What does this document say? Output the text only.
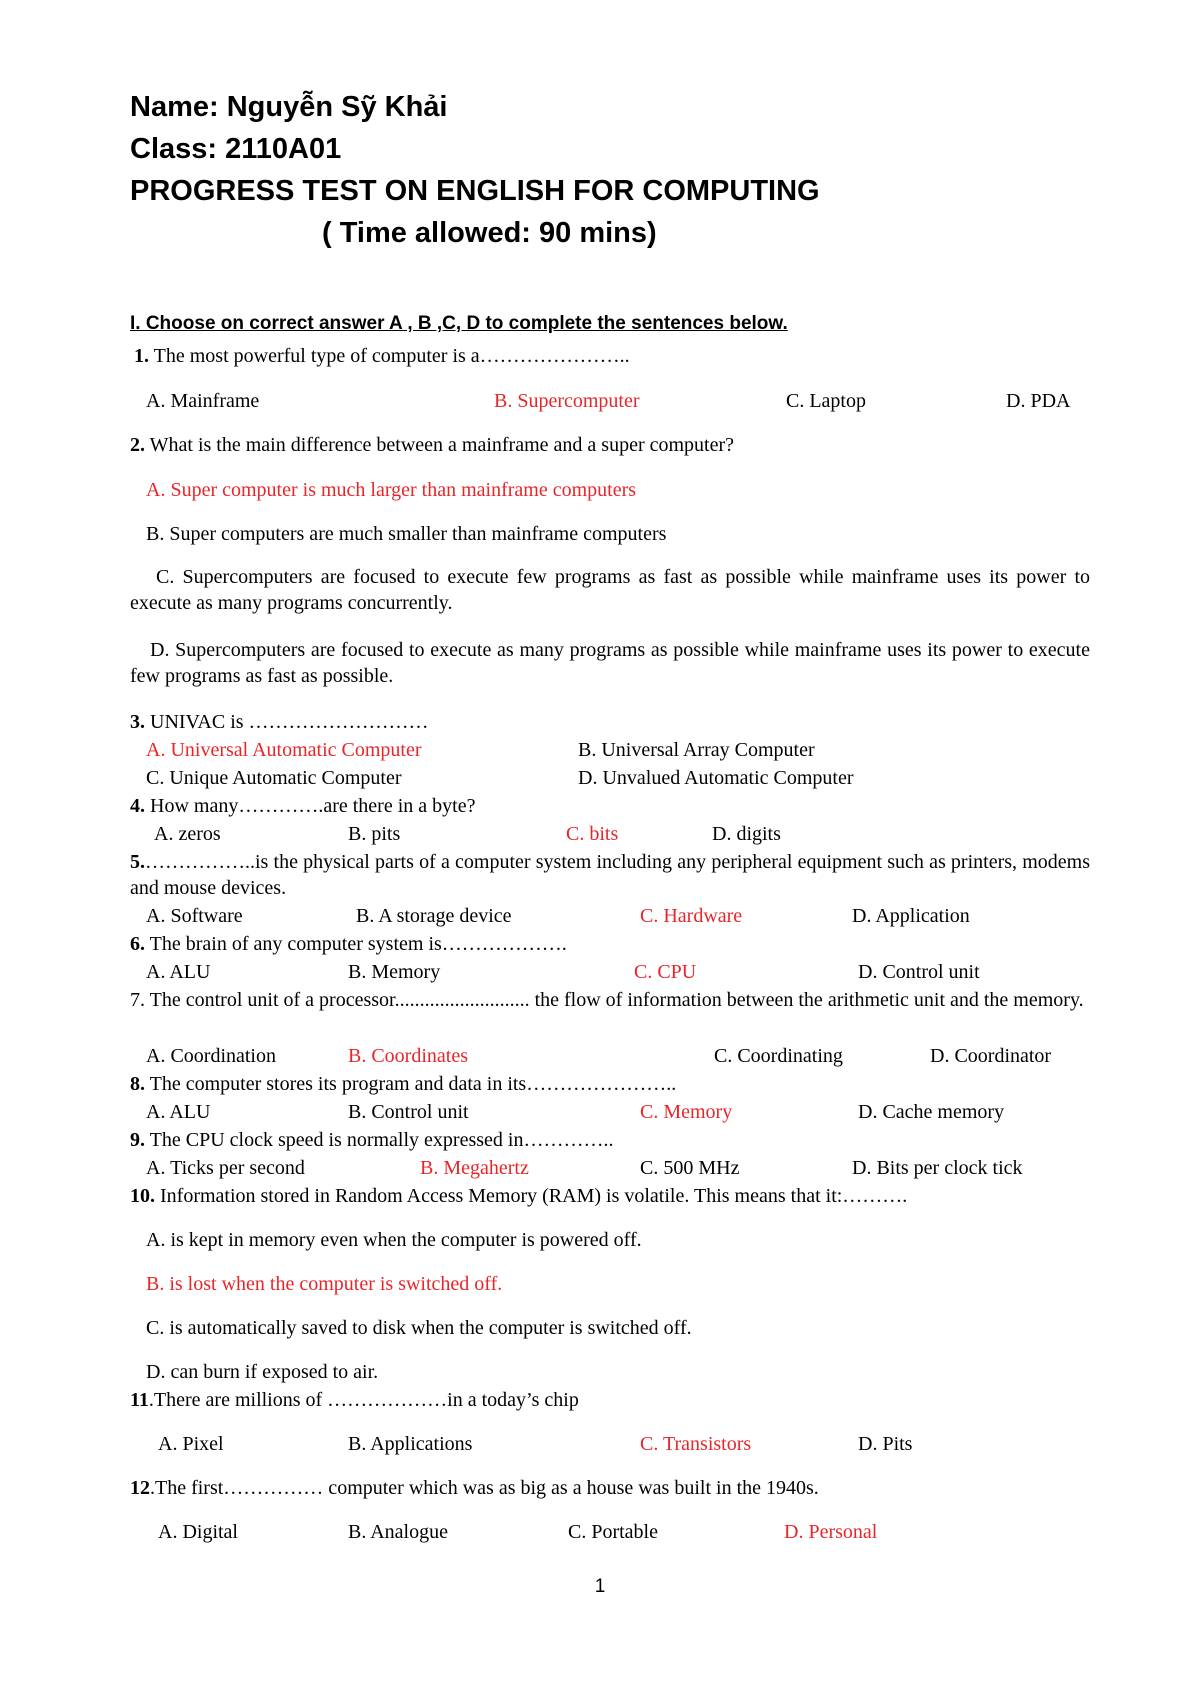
Name: Nguyễn Sỹ Khải
Class: 2110A01
PROGRESS TEST ON ENGLISH FOR COMPUTING
( Time allowed: 90 mins)
I. Choose on correct answer A , B ,C, D to complete the sentences below.
1. The most powerful type of computer is a…………………..
A. Mainframe	B. Supercomputer	C. Laptop	D. PDA
2. What is the main difference between a mainframe and a super computer?
A. Super computer is much larger than mainframe computers
B. Super computers are much smaller than mainframe computers
C. Supercomputers are focused to execute few programs as fast as possible while mainframe uses its power to execute as many programs concurrently.
D. Supercomputers are focused to execute as many programs as possible while mainframe uses its power to execute few programs as fast as possible.
3. UNIVAC is ………………………
A. Universal Automatic Computer	B. Universal Array Computer
C. Unique Automatic Computer	D. Unvalued Automatic Computer
4. How many………….are there in a byte?
A. zeros	B. pits	C. bits	D. digits
5.……………..is the physical parts of a computer system including any peripheral equipment such as printers, modems and mouse devices.
A. Software	B. A storage device	C. Hardware	D. Application
6. The brain of any computer system is……………….
A. ALU	B. Memory	C. CPU	D. Control unit
7. The control unit of a processor........................... the flow of information between the arithmetic unit and the memory.
A. Coordination	B. Coordinates	C. Coordinating	D. Coordinator
8. The computer stores its program and data in its…………………..
A. ALU	B. Control unit	C. Memory	D. Cache memory
9. The CPU clock speed is normally expressed in…………..
A. Ticks per second	B. Megahertz	C. 500 MHz	D. Bits per clock tick
10. Information stored in Random Access Memory (RAM) is volatile. This means that it:……….
A. is kept in memory even when the computer is powered off.
B. is lost when the computer is switched off.
C. is automatically saved to disk when the computer is switched off.
D. can burn if exposed to air.
11.There are millions of ………………in a today’s chip
A. Pixel	B. Applications	C. Transistors	D. Pits
12.The first…………… computer which was as big as a house was built in the 1940s.
A. Digital	B. Analogue	C. Portable	D. Personal
1
